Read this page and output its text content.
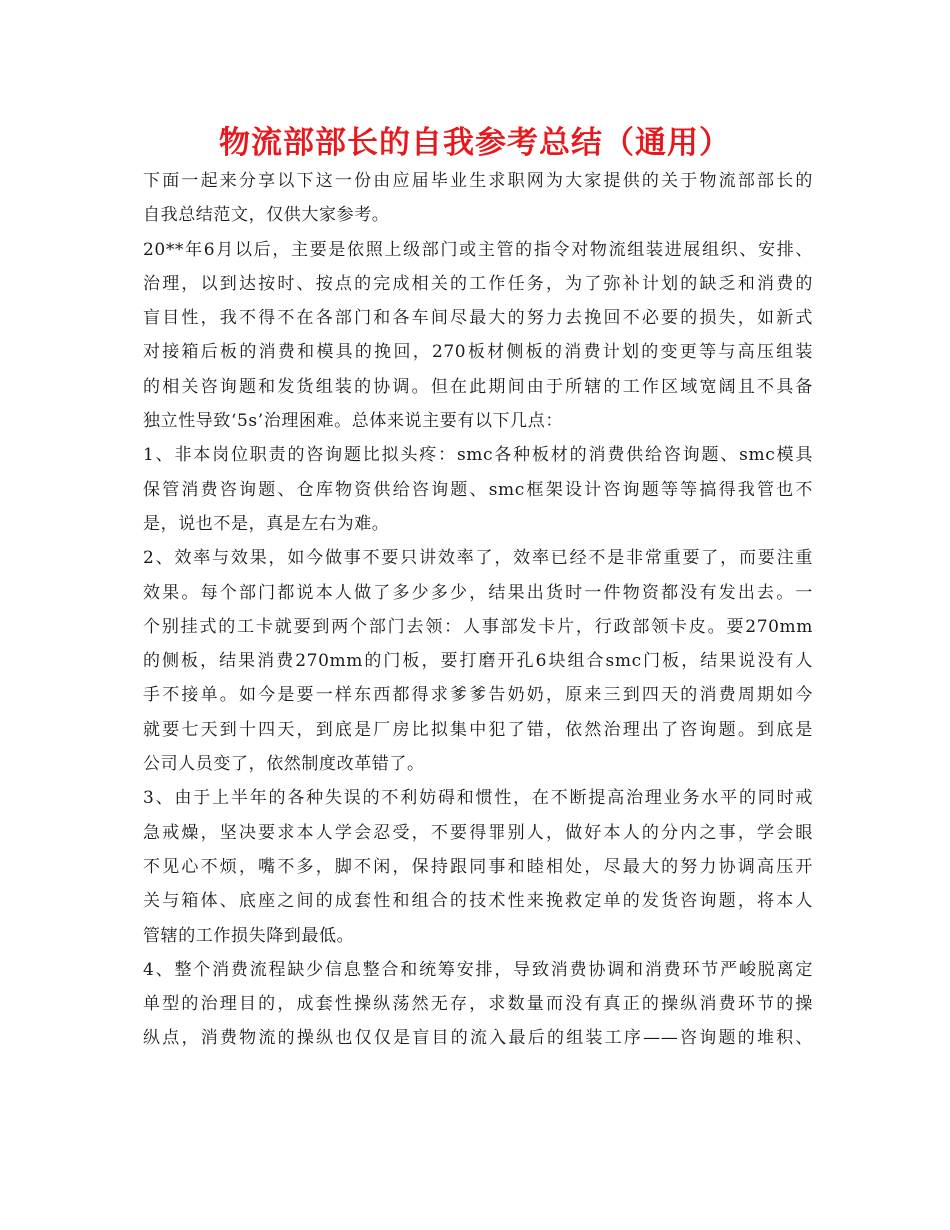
物流部部长的自我参考总结（通用）
下面一起来分享以下这一份由应届毕业生求职网为大家提供的关于物流部部长的
自我总结范文，仅供大家参考。
20**年6月以后，主要是依照上级部门或主管的指令对物流组装进展组织、安排、
治理，以到达按时、按点的完成相关的工作任务，为了弥补计划的缺乏和消费的
盲目性，我不得不在各部门和各车间尽最大的努力去挽回不必要的损失，如新式
对接箱后板的消费和模具的挽回，270板材侧板的消费计划的变更等与高压组装
的相关咨询题和发货组装的协调。但在此期间由于所辖的工作区域宽阔且不具备
独立性导致‘5s’治理困难。总体来说主要有以下几点：
1、非本岗位职责的咨询题比拟头疼：smc各种板材的消费供给咨询题、smc模具
保管消费咨询题、仓库物资供给咨询题、smc框架设计咨询题等等搞得我管也不
是，说也不是，真是左右为难。
2、效率与效果，如今做事不要只讲效率了，效率已经不是非常重要了，而要注重
效果。每个部门都说本人做了多少多少，结果出货时一件物资都没有发出去。一
个别挂式的工卡就要到两个部门去领：人事部发卡片，行政部领卡皮。要270mm
的侧板，结果消费270mm的门板，要打磨开孔6块组合smc门板，结果说没有人
手不接单。如今是要一样东西都得求爹爹告奶奶，原来三到四天的消费周期如今
就要七天到十四天，到底是厂房比拟集中犯了错，依然治理出了咨询题。到底是
公司人员变了，依然制度改革错了。
3、由于上半年的各种失误的不利妨碍和惯性，在不断提高治理业务水平的同时戒
急戒燥，坚决要求本人学会忍受，不要得罪别人，做好本人的分内之事，学会眼
不见心不烦，嘴不多，脚不闲，保持跟同事和睦相处，尽最大的努力协调高压开
关与箱体、底座之间的成套性和组合的技术性来挽救定单的发货咨询题，将本人
管辖的工作损失降到最低。
4、整个消费流程缺少信息整合和统筹安排，导致消费协调和消费环节严峻脱离定
单型的治理目的，成套性操纵荡然无存，求数量而没有真正的操纵消费环节的操
纵点，消费物流的操纵也仅仅是盲目的流入最后的组装工序——咨询题的堆积、
